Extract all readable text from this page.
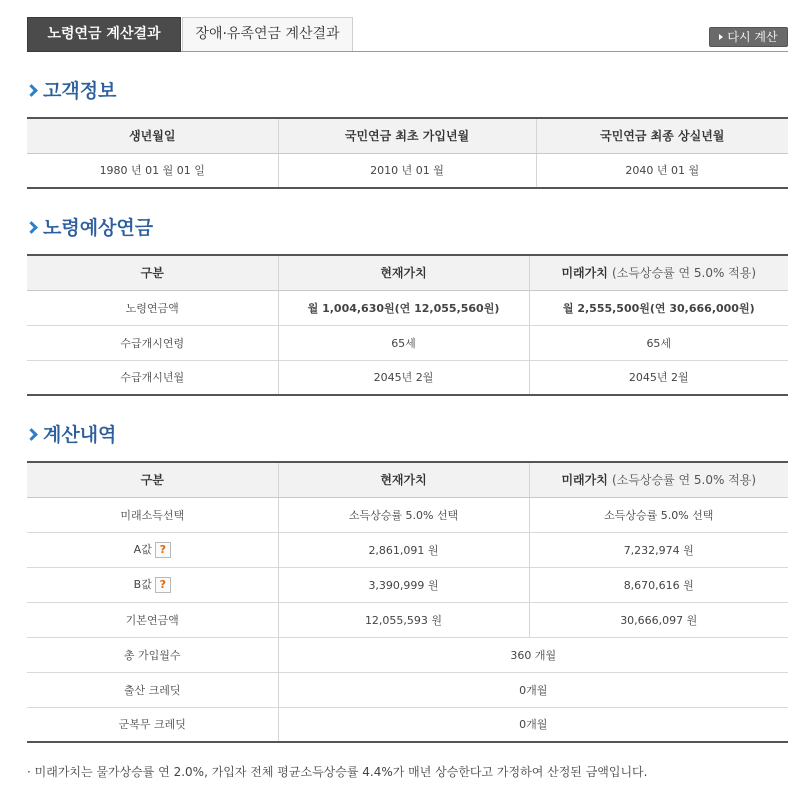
노령연금 계산결과	장애·유족연금 계산결과	다시 계산
고객정보
생년월일	국민연금 최초 가입년월	국민연금 최종 상실년월
1980 년 01 월 01 일	2010 년 01 월	2040 년 01 월
노령예상연금
구분	현재가치	미래가치 (소득상승률 연 5.0% 적용)
노령연금액	월 1,004,630원(연 12,055,560원)	월 2,555,500원(연 30,666,000원)
수급개시연령	65세	65세
수급개시년월	2045년 2월	2045년 2월
계산내역
구분	현재가치	미래가치 (소득상승률 연 5.0% 적용)
미래소득선택	소득상승률 5.0% 선택	소득상승률 5.0% 선택
A값 ?	2,861,091 원	7,232,974 원
B값 ?	3,390,999 원	8,670,616 원
기본연금액	12,055,593 원	30,666,097 원
총 가입월수	360 개월	
출산 크레딧	0개월	
군복무 크레딧	0개월	
· 미래가치는 물가상승률 연 2.0%, 가입자 전체 평균소득상승률 4.4%가 매년 상승한다고 가정하여 산정된 금액입니다.
